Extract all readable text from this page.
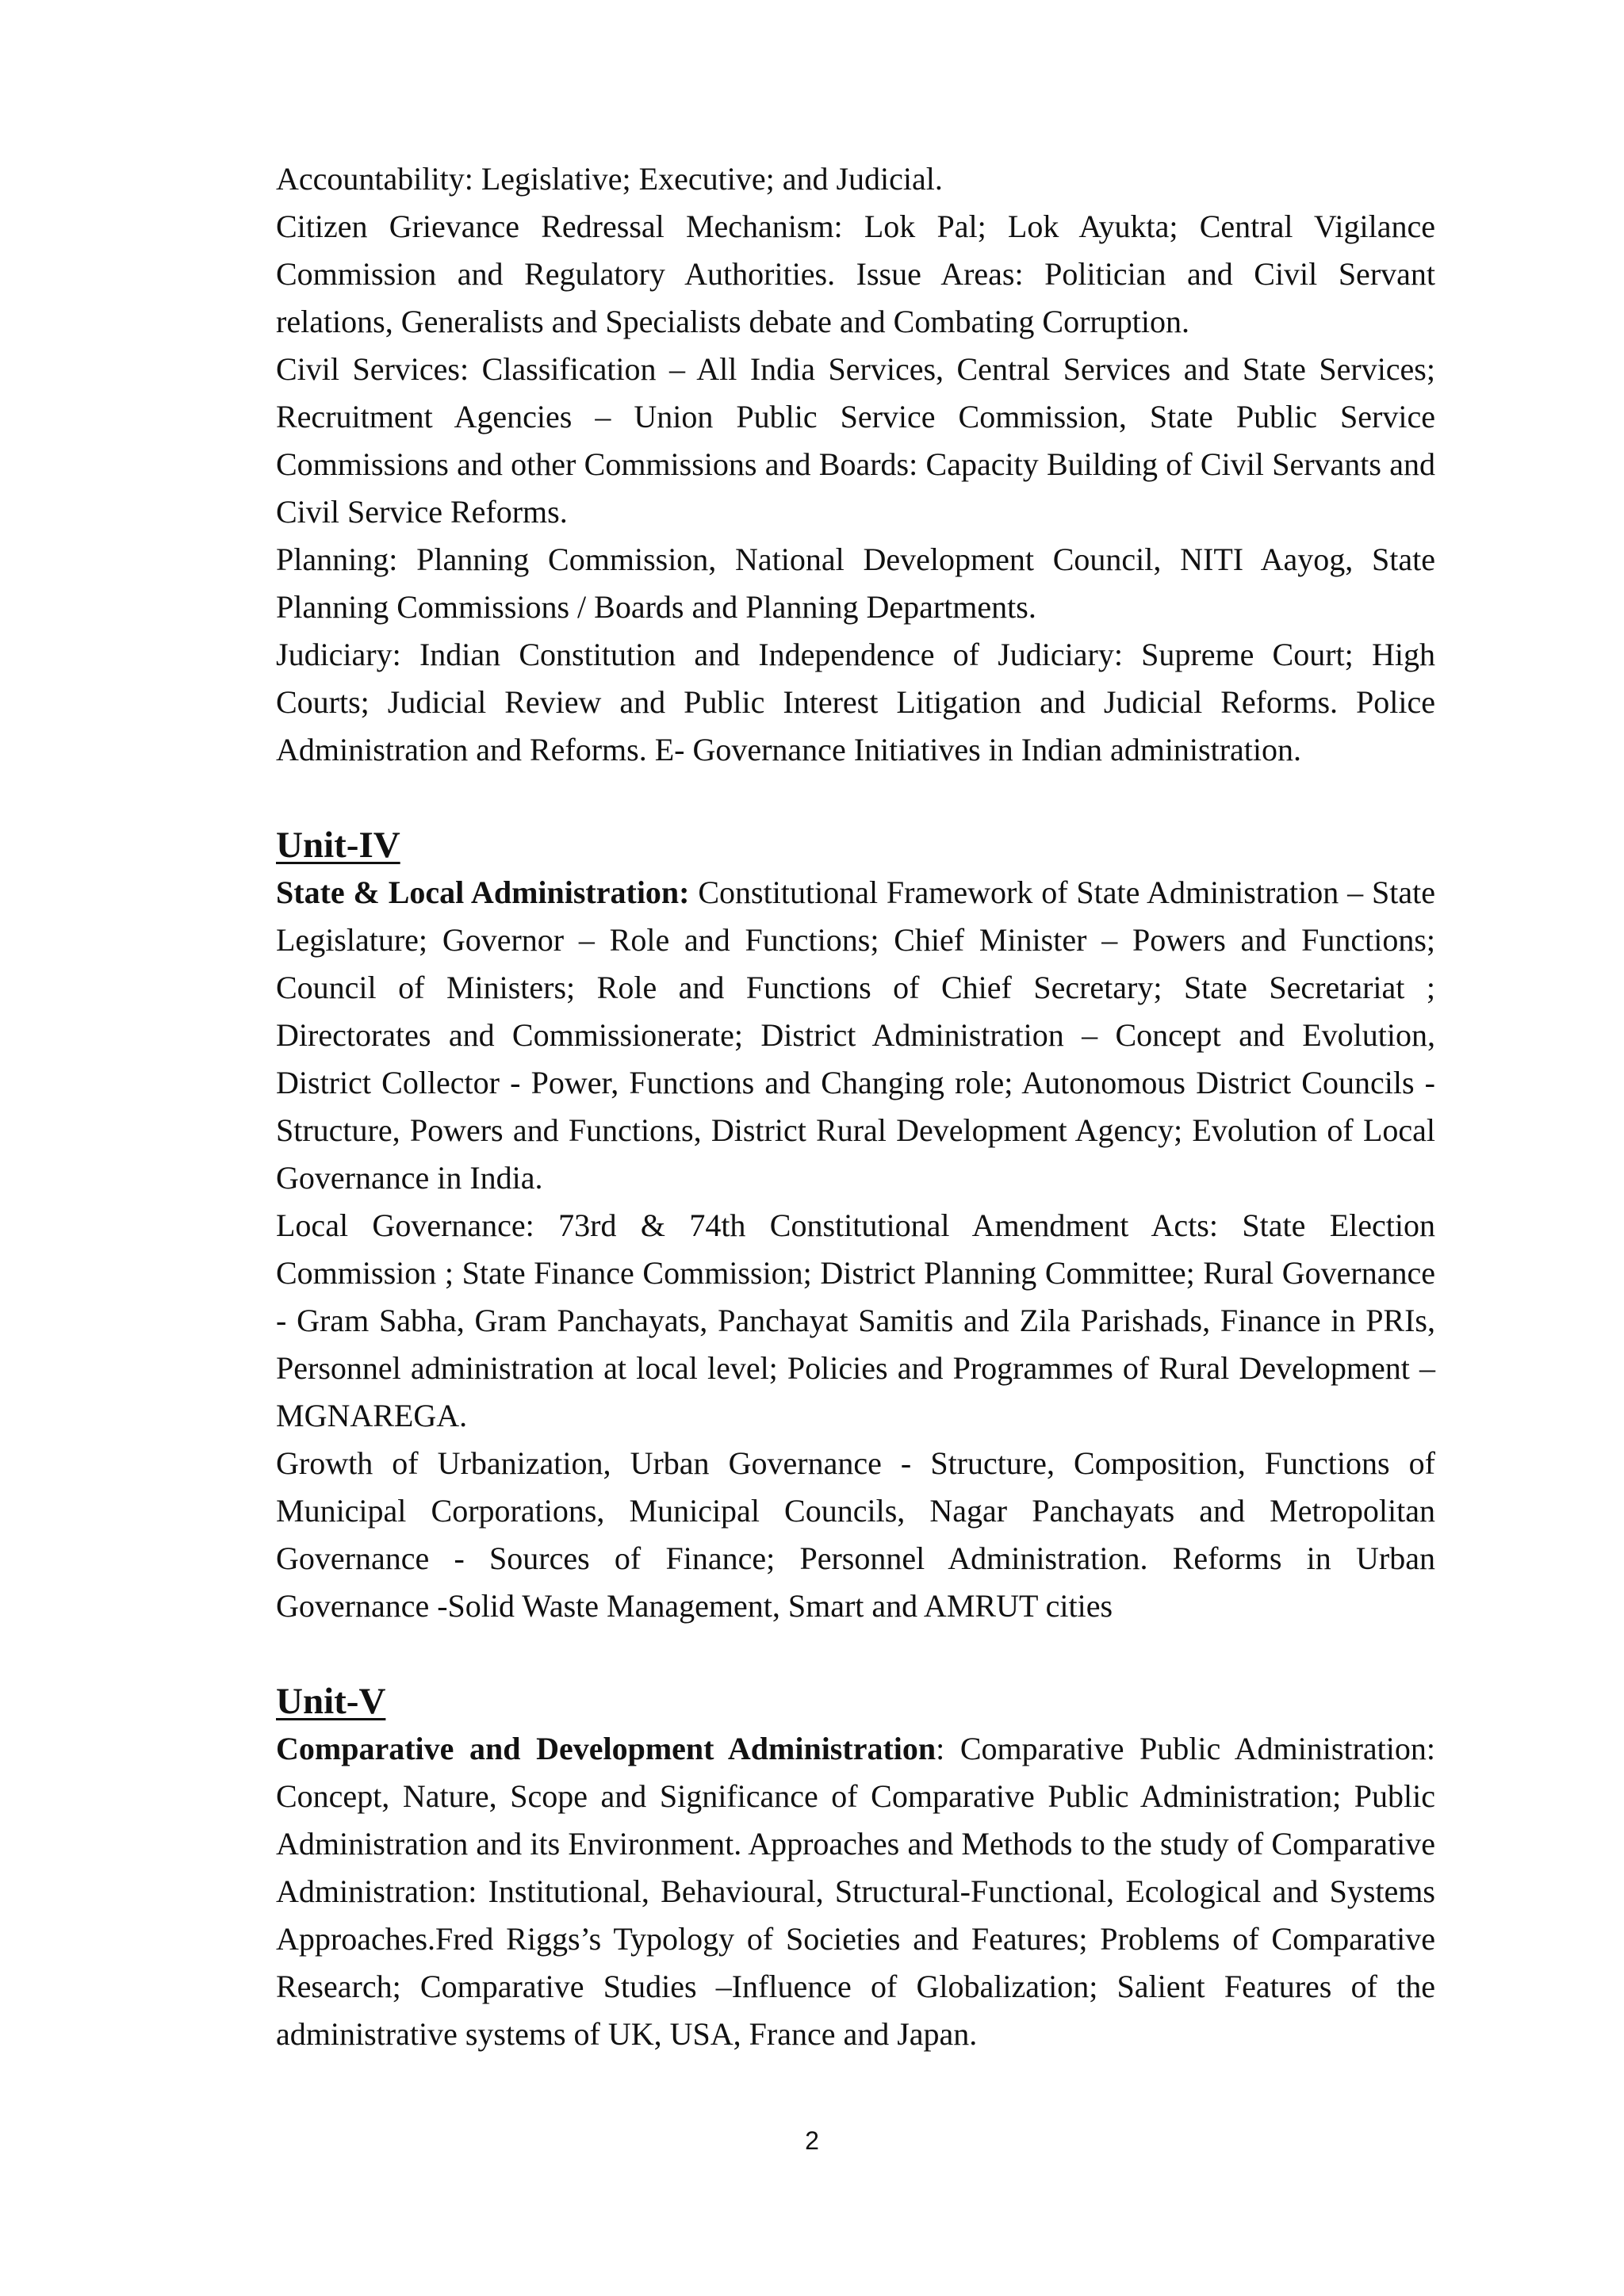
Accountability: Legislative; Executive; and Judicial.

Citizen Grievance Redressal Mechanism: Lok Pal; Lok Ayukta; Central Vigilance Commission and Regulatory Authorities. Issue Areas: Politician and Civil Servant relations, Generalists and Specialists debate and Combating Corruption.

Civil Services: Classification – All India Services, Central Services and State Services; Recruitment Agencies – Union Public Service Commission, State Public Service Commissions and other Commissions and Boards: Capacity Building of Civil Servants and Civil Service Reforms.

Planning: Planning Commission, National Development Council, NITI Aayog, State Planning Commissions / Boards and Planning Departments.

Judiciary: Indian Constitution and Independence of Judiciary: Supreme Court; High Courts; Judicial Review and Public Interest Litigation and Judicial Reforms. Police Administration and Reforms. E- Governance Initiatives in Indian administration.

Unit-IV

State & Local Administration: Constitutional Framework of State Administration – State Legislature; Governor – Role and Functions; Chief Minister – Powers and Functions; Council of Ministers; Role and Functions of Chief Secretary; State Secretariat ; Directorates and Commissionerate; District Administration – Concept and Evolution, District Collector - Power, Functions and Changing role; Autonomous District Councils - Structure, Powers and Functions, District Rural Development Agency; Evolution of Local Governance in India.

Local Governance: 73rd & 74th Constitutional Amendment Acts: State Election Commission ; State Finance Commission; District Planning Committee; Rural Governance - Gram Sabha, Gram Panchayats, Panchayat Samitis and Zila Parishads, Finance in PRIs, Personnel administration at local level; Policies and Programmes of Rural Development – MGNAREGA.

Growth of Urbanization, Urban Governance - Structure, Composition, Functions of Municipal Corporations, Municipal Councils, Nagar Panchayats and Metropolitan Governance - Sources of Finance; Personnel Administration. Reforms in Urban Governance -Solid Waste Management, Smart and AMRUT cities

Unit-V

Comparative and Development Administration: Comparative Public Administration: Concept, Nature, Scope and Significance of Comparative Public Administration; Public Administration and its Environment. Approaches and Methods to the study of Comparative Administration: Institutional, Behavioural, Structural-Functional, Ecological and Systems Approaches.Fred Riggs’s Typology of Societies and Features; Problems of Comparative Research; Comparative Studies –Influence of Globalization; Salient Features of the administrative systems of UK, USA, France and Japan.

2
